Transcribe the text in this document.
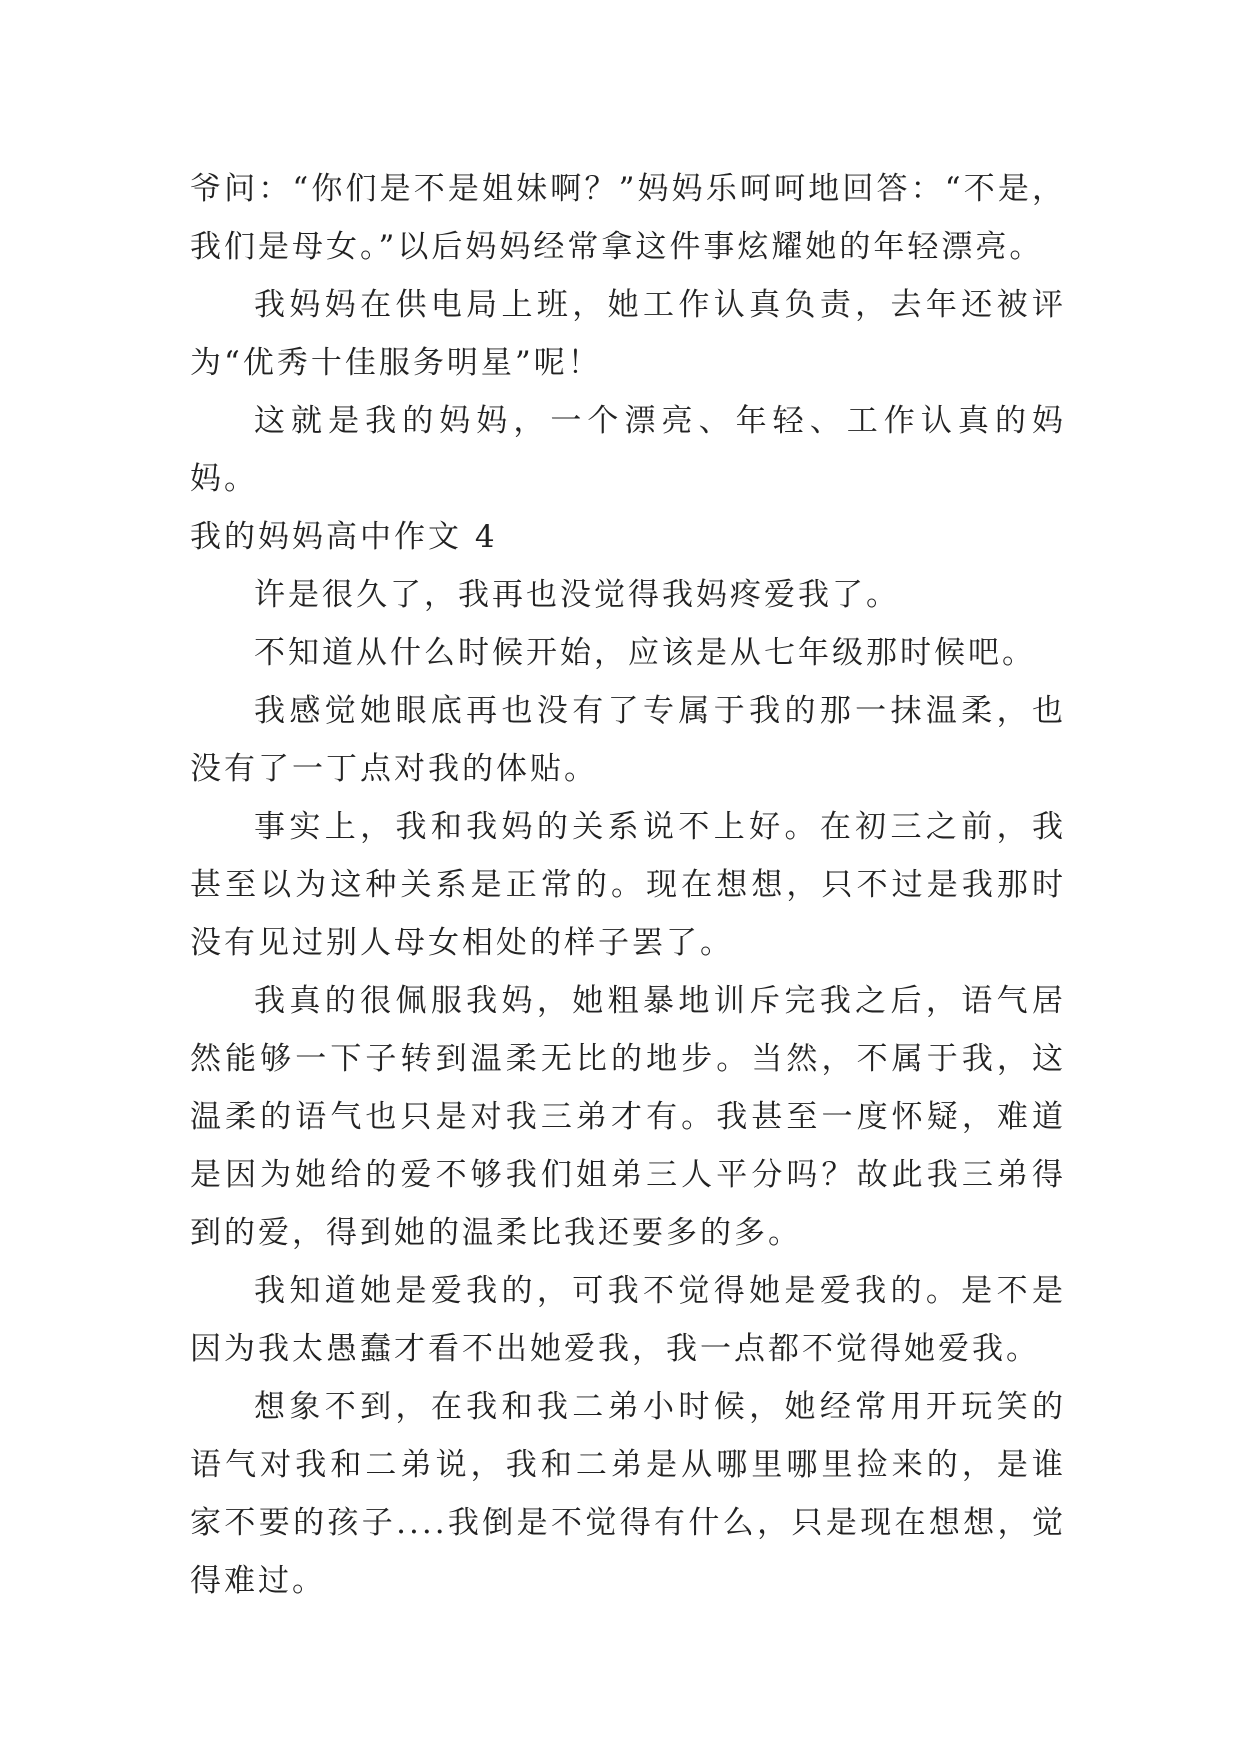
爷问：“你们是不是姐妹啊？”妈妈乐呵呵地回答：“不是，我们是母女。”以后妈妈经常拿这件事炫耀她的年轻漂亮。

我妈妈在供电局上班，她工作认真负责，去年还被评为“优秀十佳服务明星”呢！

这就是我的妈妈，一个漂亮、年轻、工作认真的妈妈。

我的妈妈高中作文 4

许是很久了，我再也没觉得我妈疼爱我了。

不知道从什么时候开始，应该是从七年级那时候吧。

我感觉她眼底再也没有了专属于我的那一抹温柔，也没有了一丁点对我的体贴。

事实上，我和我妈的关系说不上好。在初三之前，我甚至以为这种关系是正常的。现在想想，只不过是我那时没有见过别人母女相处的样子罢了。

我真的很佩服我妈，她粗暴地训斥完我之后，语气居然能够一下子转到温柔无比的地步。当然，不属于我，这温柔的语气也只是对我三弟才有。我甚至一度怀疑，难道是因为她给的爱不够我们姐弟三人平分吗？故此我三弟得到的爱，得到她的温柔比我还要多的多。

我知道她是爱我的，可我不觉得她是爱我的。是不是因为我太愚蠢才看不出她爱我，我一点都不觉得她爱我。

想象不到，在我和我二弟小时候，她经常用开玩笑的语气对我和二弟说，我和二弟是从哪里哪里捡来的，是谁家不要的孩子....我倒是不觉得有什么，只是现在想想，觉得难过。
